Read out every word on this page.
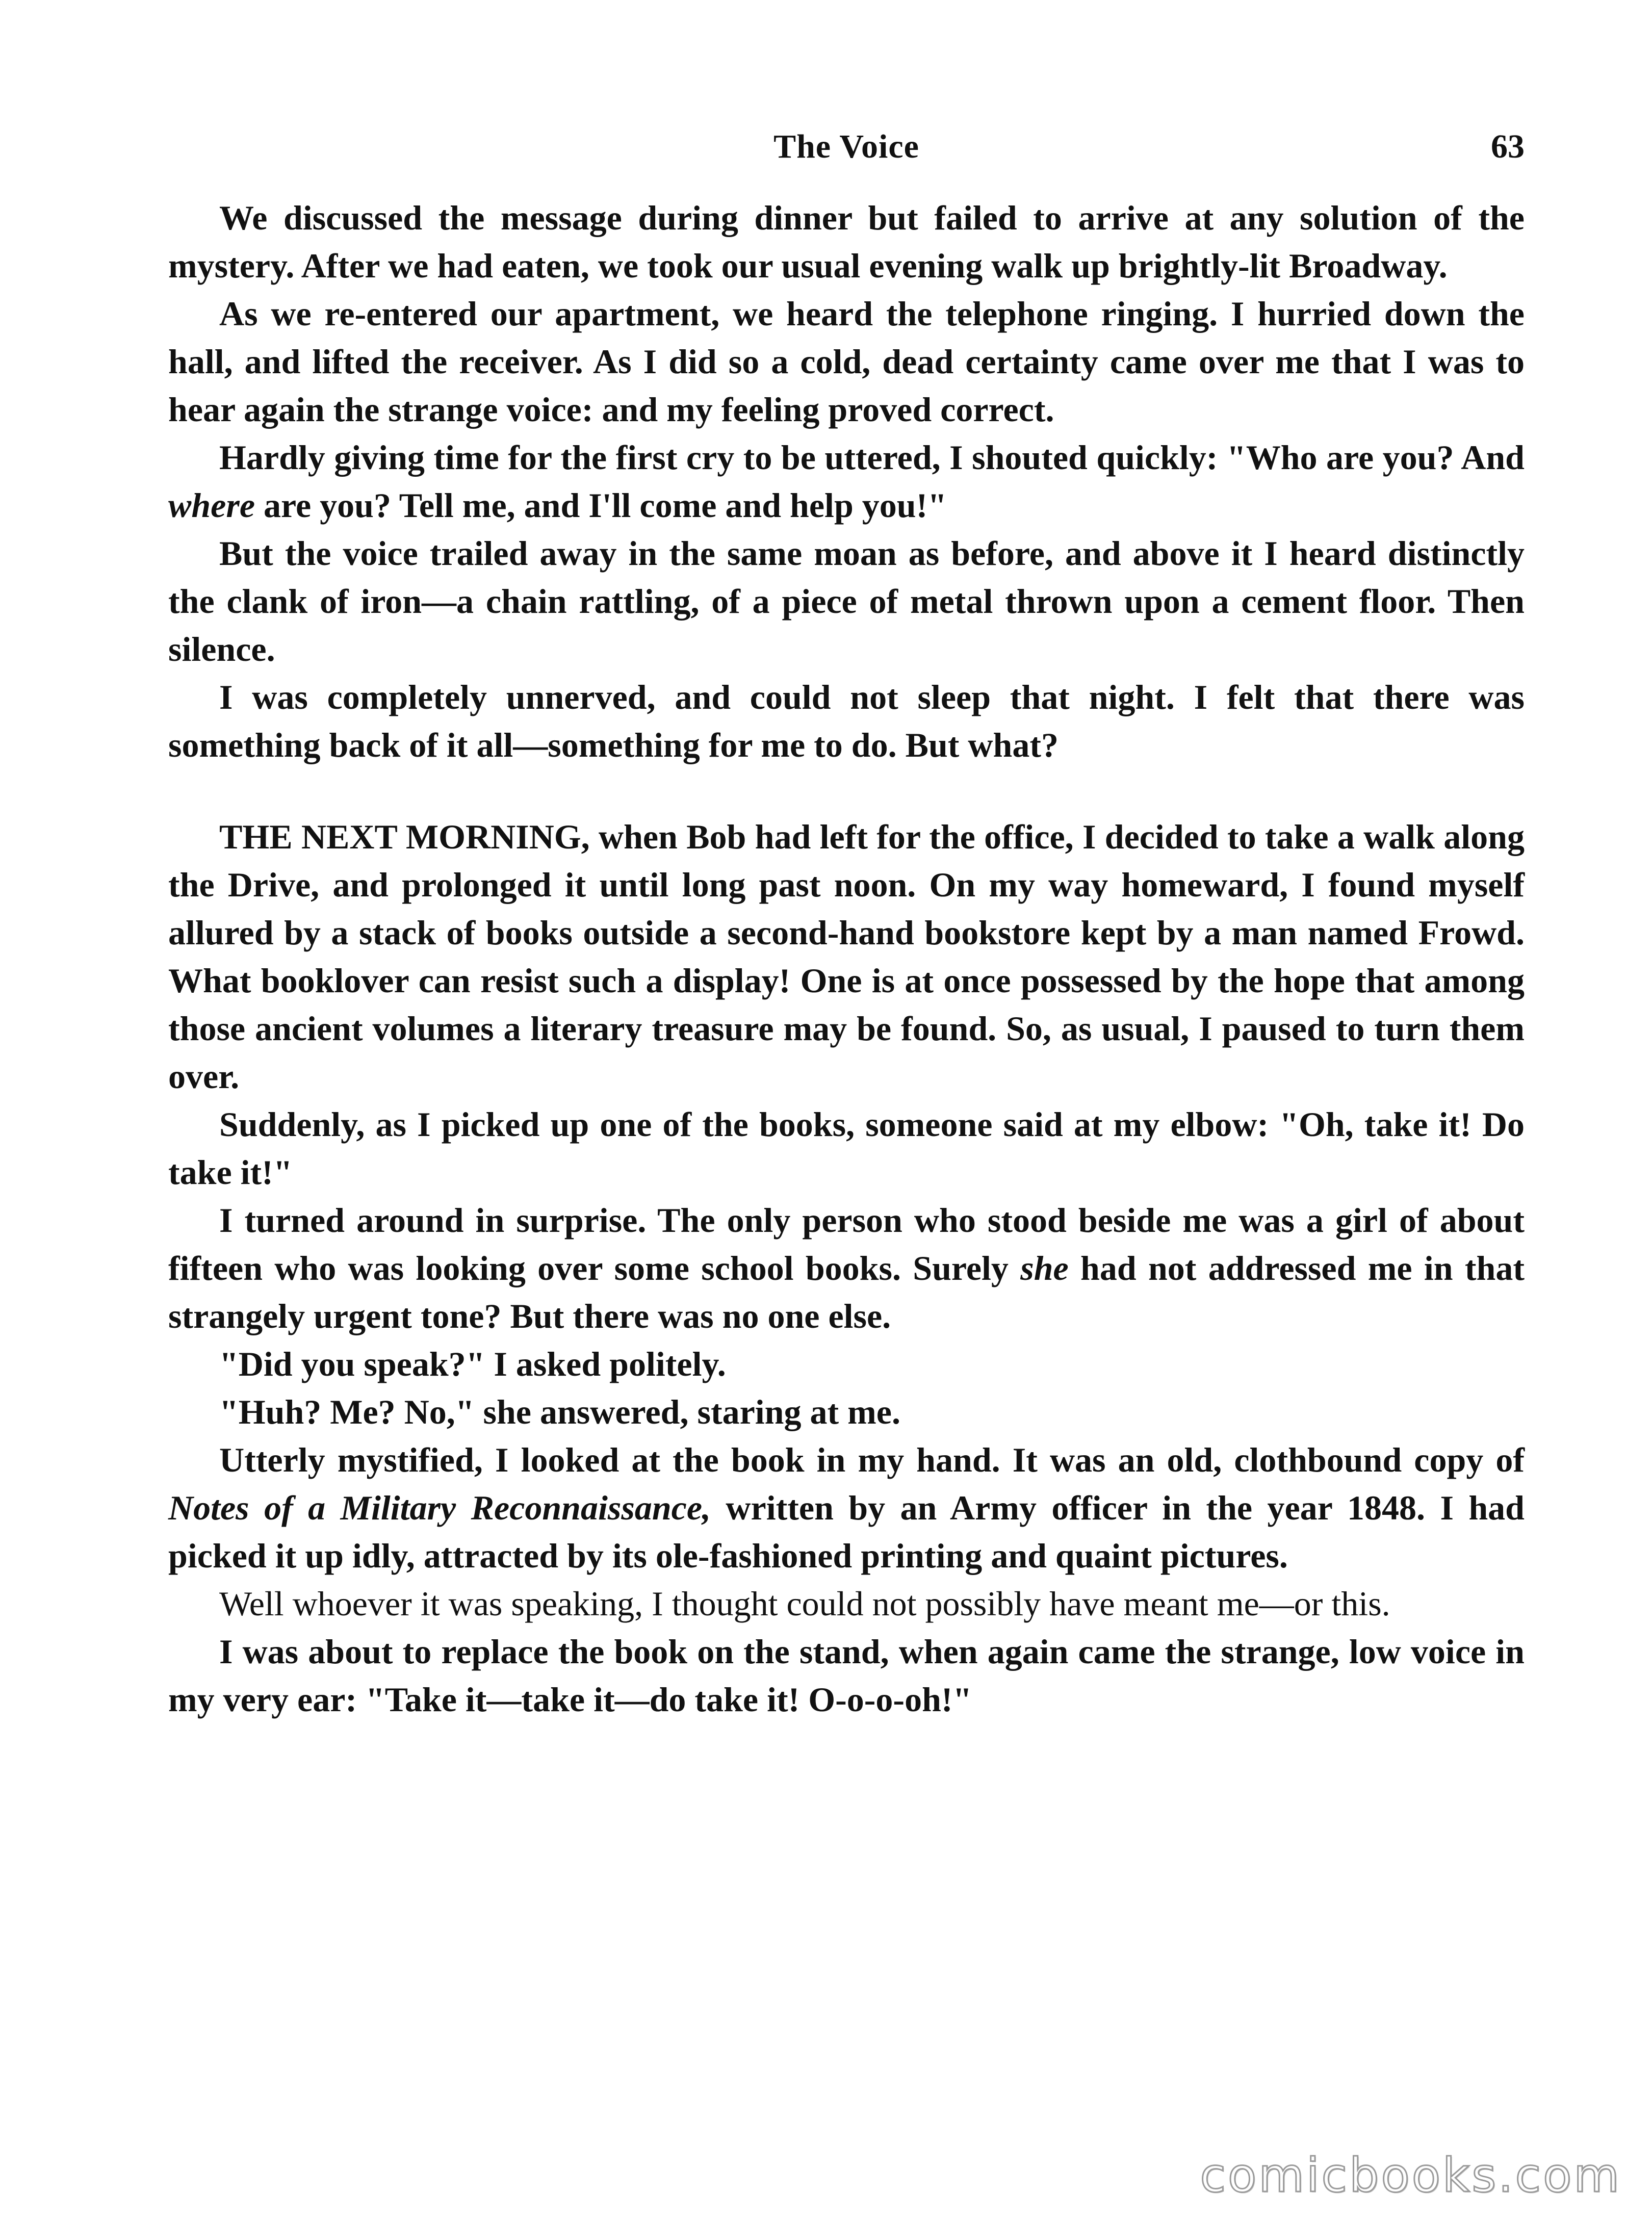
The Voice	63

We discussed the message during dinner but failed to arrive at any solution of the mystery. After we had eaten, we took our usual evening walk up brightly-lit Broadway.

As we re-entered our apartment, we heard the telephone ringing. I hurried down the hall, and lifted the receiver. As I did so a cold, dead certainty came over me that I was to hear again the strange voice: and my feeling proved correct.

Hardly giving time for the first cry to be uttered, I shouted quickly: "Who are you? And where are you? Tell me, and I'll come and help you!"

But the voice trailed away in the same moan as before, and above it I heard distinctly the clank of iron—a chain rattling, of a piece of metal thrown upon a cement floor. Then silence.

I was completely unnerved, and could not sleep that night. I felt that there was something back of it all—something for me to do. But what?

THE NEXT MORNING, when Bob had left for the office, I decided to take a walk along the Drive, and prolonged it until long past noon. On my way homeward, I found myself allured by a stack of books outside a second-hand bookstore kept by a man named Frowd. What booklover can resist such a display! One is at once possessed by the hope that among those ancient volumes a literary treasure may be found. So, as usual, I paused to turn them over.

Suddenly, as I picked up one of the books, someone said at my elbow: "Oh, take it! Do take it!"

I turned around in surprise. The only person who stood beside me was a girl of about fifteen who was looking over some school books. Surely she had not addressed me in that strangely urgent tone? But there was no one else.

"Did you speak?" I asked politely.

"Huh? Me? No," she answered, staring at me.

Utterly mystified, I looked at the book in my hand. It was an old, clothbound copy of Notes of a Military Reconnaissance, written by an Army officer in the year 1848. I had picked it up idly, attracted by its ole-fashioned printing and quaint pictures.

Well whoever it was speaking, I thought could not possibly have meant me—or this.

I was about to replace the book on the stand, when again came the strange, low voice in my very ear: "Take it—take it—do take it! O-o-o-oh!"

comicbooks.com
